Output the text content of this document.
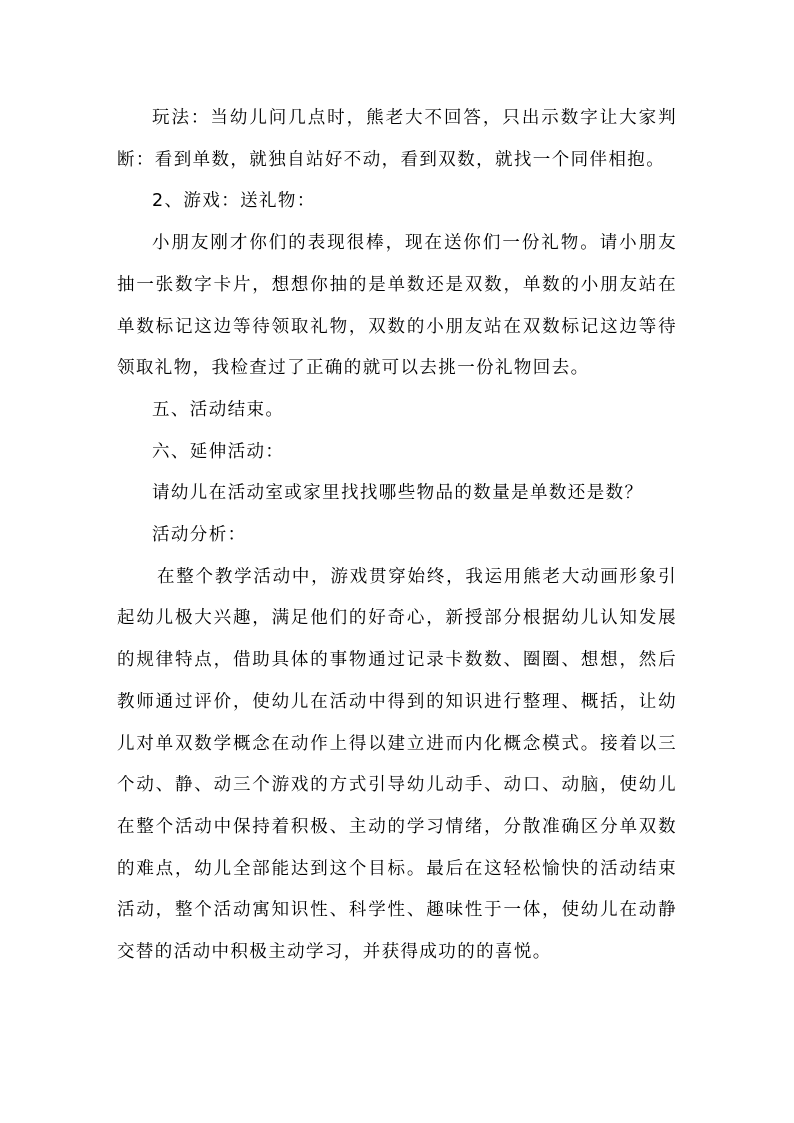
玩法：当幼儿问几点时，熊老大不回答，只出示数字让大家判断：看到单数，就独自站好不动，看到双数，就找一个同伴相抱。

2、游戏：送礼物：

小朋友刚才你们的表现很棒，现在送你们一份礼物。请小朋友抽一张数字卡片，想想你抽的是单数还是双数，单数的小朋友站在单数标记这边等待领取礼物，双数的小朋友站在双数标记这边等待领取礼物，我检查过了正确的就可以去挑一份礼物回去。

五、活动结束。

六、延伸活动：

请幼儿在活动室或家里找找哪些物品的数量是单数还是数？

活动分析：

在整个教学活动中，游戏贯穿始终，我运用熊老大动画形象引起幼儿极大兴趣，满足他们的好奇心，新授部分根据幼儿认知发展的规律特点，借助具体的事物通过记录卡数数、圈圈、想想，然后教师通过评价，使幼儿在活动中得到的知识进行整理、概括，让幼儿对单双数学概念在动作上得以建立进而内化概念模式。接着以三个动、静、动三个游戏的方式引导幼儿动手、动口、动脑，使幼儿在整个活动中保持着积极、主动的学习情绪，分散准确区分单双数的难点，幼儿全部能达到这个目标。最后在这轻松愉快的活动结束活动，整个活动寓知识性、科学性、趣味性于一体，使幼儿在动静交替的活动中积极主动学习，并获得成功的的喜悦。
